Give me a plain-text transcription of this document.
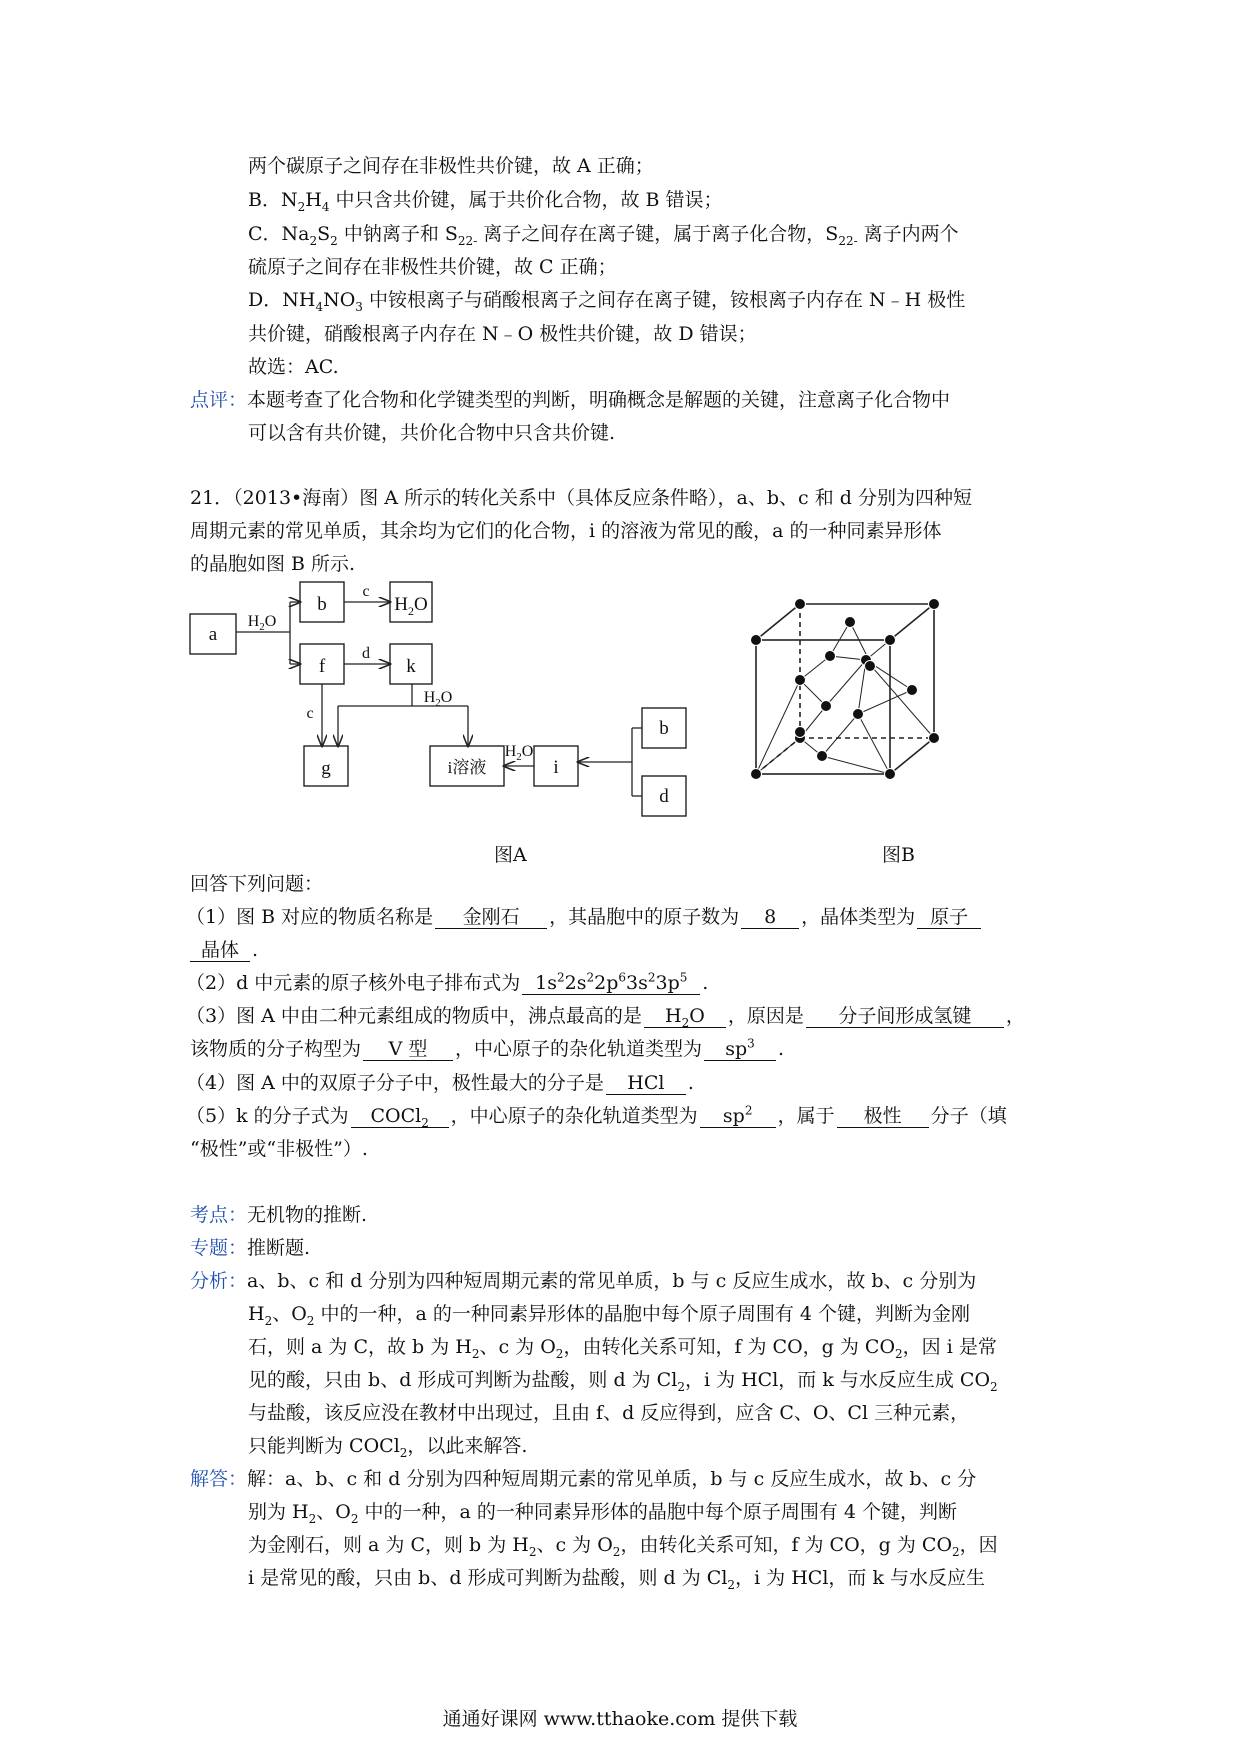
两个碳原子之间存在非极性共价键，故 A 正确；
B．$N_2H_4$ 中只含共价键，属于共价化合物，故 B 错误；
C．$Na_2S_2$ 中钠离子和 $S_{22-}$ 离子之间存在离子键，属于离子化合物，$S_{22-}$ 离子内两个
硫原子之间存在非极性共价键，故 C 正确；
D．$NH_4NO_3$ 中铵根离子与硝酸根离子之间存在离子键，铵根离子内存在 N﹣H 极性
共价键，硝酸根离子内存在 N﹣O 极性共价键，故 D 错误；
故选：AC.
点评：本题考查了化合物和化学键类型的判断，明确概念是解题的关键，注意离子化合物中
可以含有共价键，共价化合物中只含共价键.
21．（2013•海南）图 A 所示的转化关系中（具体反应条件略），a、b、c 和 d 分别为四种短
周期元素的常见单质，其余均为它们的化合物，i 的溶液为常见的酸，a 的一种同素异形体
的晶胞如图 B 所示.
a
b	$H_2O$
f	k
g	i溶液	i
b
d
$H_2O$
c
d
c
$H_2O$
$H_2O$
图A	图B
回答下列问题：
（1）图 B 对应的物质名称是 金刚石 ，其晶胞中的原子数为 8 ，晶体类型为 原子
晶体 .
（2）d 中元素的原子核外电子排布式为 $1s^22s^22p^63s^23p^5$ .
（3）图 A 中由二种元素组成的物质中，沸点最高的是 $H_2O$ ，原因是 分子间形成氢键 ，
该物质的分子构型为 V 型 ，中心原子的杂化轨道类型为 $sp^3$ .
（4）图 A 中的双原子分子中，极性最大的分子是 HCl .
（5）k 的分子式为 COCl$_2$ ，中心原子的杂化轨道类型为 $sp^2$ ，属于 极性 分子（填
“极性”或“非极性”）.
考点：无机物的推断.
专题：推断题.
分析：a、b、c 和 d 分别为四种短周期元素的常见单质，b 与 c 反应生成水，故 b、c 分别为
$H_2$、$O_2$ 中的一种，a 的一种同素异形体的晶胞中每个原子周围有 4 个键，判断为金刚
石，则 a 为 C，故 b 为 $H_2$、c 为 $O_2$，由转化关系可知，f 为 CO，g 为 $CO_2$，因 i 是常
见的酸，只由 b、d 形成可判断为盐酸，则 d 为 $Cl_2$，i 为 HCl，而 k 与水反应生成 $CO_2$
与盐酸，该反应没在教材中出现过，且由 f、d 反应得到，应含 C、O、Cl 三种元素，
只能判断为 COCl$_2$，以此来解答.
解答：解：a、b、c 和 d 分别为四种短周期元素的常见单质，b 与 c 反应生成水，故 b、c 分
别为 $H_2$、$O_2$ 中的一种，a 的一种同素异形体的晶胞中每个原子周围有 4 个键，判断
为金刚石，则 a 为 C，则 b 为 $H_2$、c 为 $O_2$，由转化关系可知，f 为 CO，g 为 $CO_2$，因
i 是常见的酸，只由 b、d 形成可判断为盐酸，则 d 为 $Cl_2$，i 为 HCl，而 k 与水反应生
通通好课网 www.tthaoke.com 提供下载
